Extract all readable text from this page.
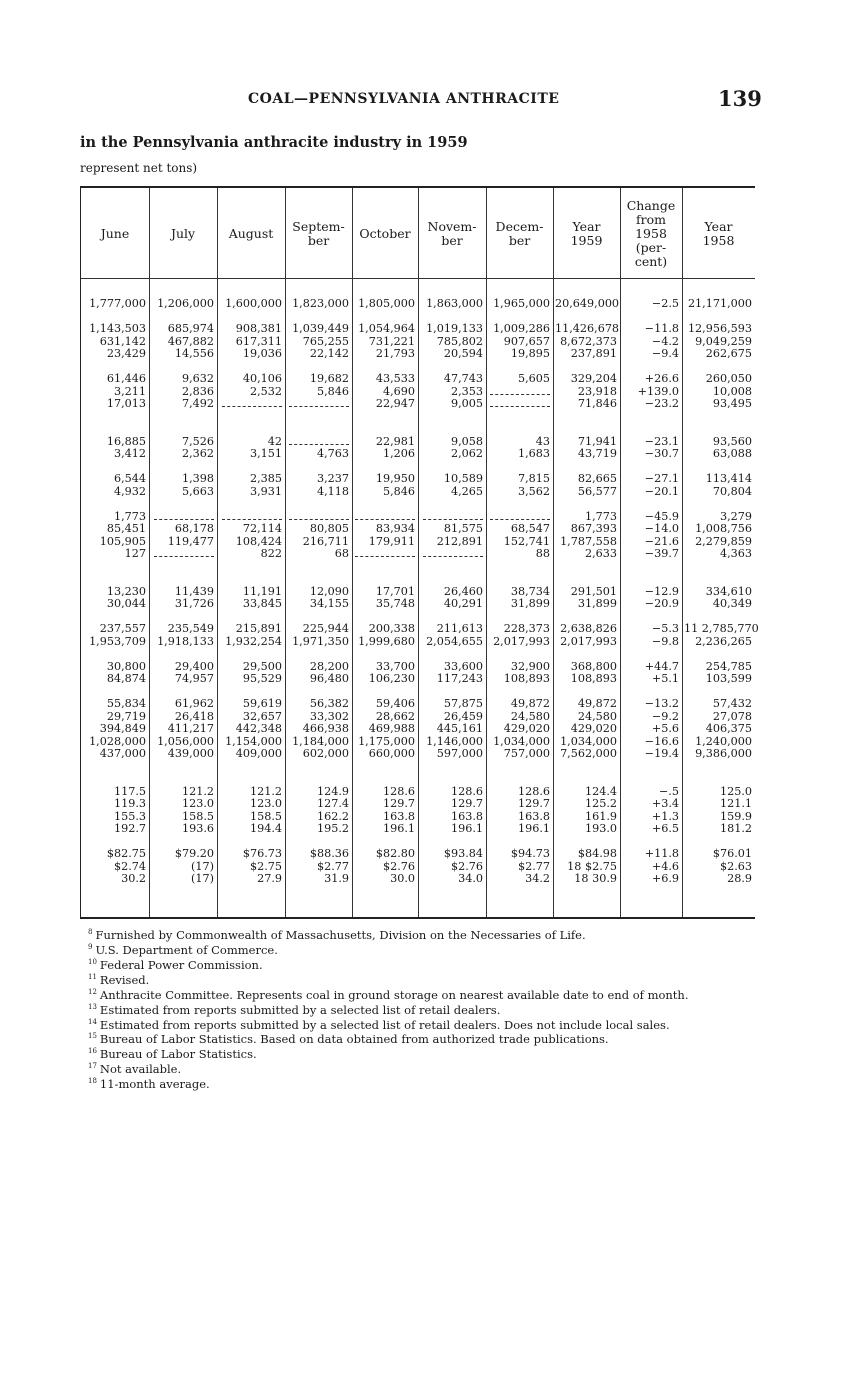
COAL—PENNSYLVANIA ANTHRACITE	139
in the Pennsylvania anthracite industry in 1959
represent net tons)
June
1,777,000
1,143,503
631,142
23,429
61,446
3,211
17,013
16,885
3,412
6,544
4,932
1,773
85,451
105,905
127
13,230
30,044
237,557
1,953,709
30,800
84,874
55,834
29,719
394,849
1,028,000
437,000
117.5
119.3
155.3
192.7
$82.75
$2.74
30.2
July
1,206,000
685,974
467,882
14,556
9,632
2,836
7,492
7,526
2,362
1,398
5,663
68,178
119,477
11,439
31,726
235,549
1,918,133
29,400
74,957
61,962
26,418
411,217
1,056,000
439,000
121.2
123.0
158.5
193.6
$79.20
(17)
(17)
August
1,600,000
908,381
617,311
19,036
40,106
2,532
42
3,151
2,385
3,931
72,114
108,424
822
11,191
33,845
215,891
1,932,254
29,500
95,529
59,619
32,657
442,348
1,154,000
409,000
121.2
123.0
158.5
194.4
$76.73
$2.75
27.9
Septem-
ber
1,823,000
1,039,449
765,255
22,142
19,682
5,846
4,763
3,237
4,118
80,805
216,711
68
12,090
34,155
225,944
1,971,350
28,200
96,480
56,382
33,302
466,938
1,184,000
602,000
124.9
127.4
162.2
195.2
$88.36
$2.77
31.9
October
1,805,000
1,054,964
731,221
21,793
43,533
4,690
22,947
22,981
1,206
19,950
5,846
83,934
179,911
17,701
35,748
200,338
1,999,680
33,700
106,230
59,406
28,662
469,988
1,175,000
660,000
128.6
129.7
163.8
196.1
$82.80
$2.76
30.0
Novem-
ber
1,863,000
1,019,133
785,802
20,594
47,743
2,353
9,005
9,058
2,062
10,589
4,265
81,575
212,891
26,460
40,291
211,613
2,054,655
33,600
117,243
57,875
26,459
445,161
1,146,000
597,000
128.6
129.7
163.8
196.1
$93.84
$2.76
34.0
Decem-
ber
1,965,000
1,009,286
907,657
19,895
5,605
43
1,683
7,815
3,562
68,547
152,741
88
38,734
31,899
228,373
2,017,993
32,900
108,893
49,872
24,580
429,020
1,034,000
757,000
128.6
129.7
163.8
196.1
$94.73
$2.77
34.2
Year
1959
20,649,000
11,426,678
8,672,373
237,891
329,204
23,918
71,846
71,941
43,719
82,665
56,577
1,773
867,393
1,787,558
2,633
291,501
31,899
2,638,826
2,017,993
368,800
108,893
49,872
24,580
429,020
1,034,000
7,562,000
124.4
125.2
161.9
193.0
$84.98
18 $2.75
18 30.9
Change
from
1958
(per-
cent)
−2.5
−11.8
−4.2
−9.4
+26.6
+139.0
−23.2
−23.1
−30.7
−27.1
−20.1
−45.9
−14.0
−21.6
−39.7
−12.9
−20.9
−5.3
−9.8
+44.7
+5.1
−13.2
−9.2
+5.6
−16.6
−19.4
−.5
+3.4
+1.3
+6.5
+11.8
+4.6
+6.9
Year
1958
21,171,000
12,956,593
9,049,259
262,675
260,050
10,008
93,495
93,560
63,088
113,414
70,804
3,279
1,008,756
2,279,859
4,363
334,610
40,349
11 2,785,770
2,236,265
254,785
103,599
57,432
27,078
406,375
1,240,000
9,386,000
125.0
121.1
159.9
181.2
$76.01
$2.63
28.9
$^8$ Furnished by Commonwealth of Massachusetts, Division on the Necessaries of Life.
$^9$ U.S. Department of Commerce.
$^{10}$ Federal Power Commission.
$^{11}$ Revised.
$^{12}$ Anthracite Committee. Represents coal in ground storage on nearest available date to end of month.
$^{13}$ Estimated from reports submitted by a selected list of retail dealers.
$^{14}$ Estimated from reports submitted by a selected list of retail dealers. Does not include local sales.
$^{15}$ Bureau of Labor Statistics. Based on data obtained from authorized trade publications.
$^{16}$ Bureau of Labor Statistics.
$^{17}$ Not available.
$^{18}$ 11-month average.
